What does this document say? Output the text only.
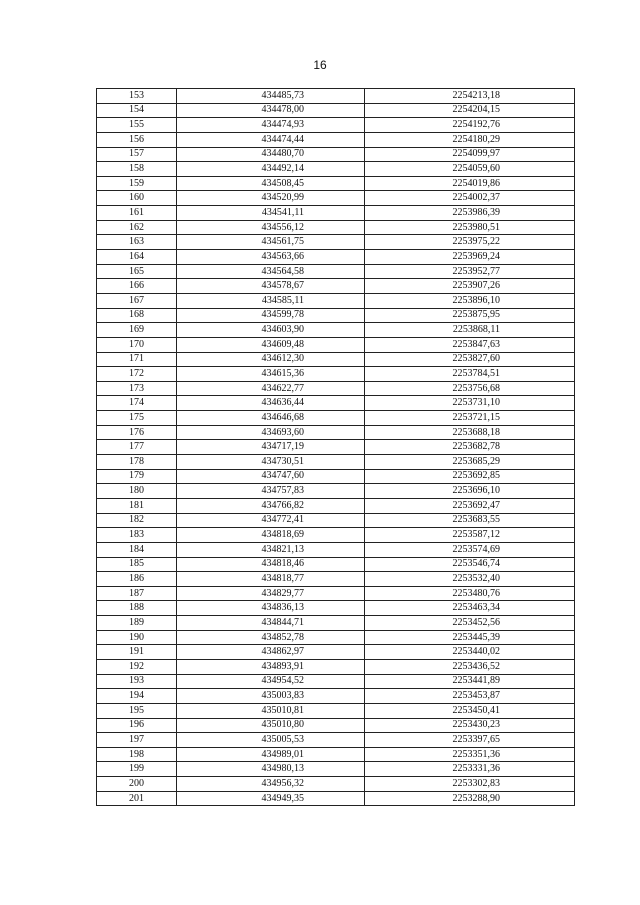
16
153	434485,73	2254213,18
154	434478,00	2254204,15
155	434474,93	2254192,76
156	434474,44	2254180,29
157	434480,70	2254099,97
158	434492,14	2254059,60
159	434508,45	2254019,86
160	434520,99	2254002,37
161	434541,11	2253986,39
162	434556,12	2253980,51
163	434561,75	2253975,22
164	434563,66	2253969,24
165	434564,58	2253952,77
166	434578,67	2253907,26
167	434585,11	2253896,10
168	434599,78	2253875,95
169	434603,90	2253868,11
170	434609,48	2253847,63
171	434612,30	2253827,60
172	434615,36	2253784,51
173	434622,77	2253756,68
174	434636,44	2253731,10
175	434646,68	2253721,15
176	434693,60	2253688,18
177	434717,19	2253682,78
178	434730,51	2253685,29
179	434747,60	2253692,85
180	434757,83	2253696,10
181	434766,82	2253692,47
182	434772,41	2253683,55
183	434818,69	2253587,12
184	434821,13	2253574,69
185	434818,46	2253546,74
186	434818,77	2253532,40
187	434829,77	2253480,76
188	434836,13	2253463,34
189	434844,71	2253452,56
190	434852,78	2253445,39
191	434862,97	2253440,02
192	434893,91	2253436,52
193	434954,52	2253441,89
194	435003,83	2253453,87
195	435010,81	2253450,41
196	435010,80	2253430,23
197	435005,53	2253397,65
198	434989,01	2253351,36
199	434980,13	2253331,36
200	434956,32	2253302,83
201	434949,35	2253288,90
